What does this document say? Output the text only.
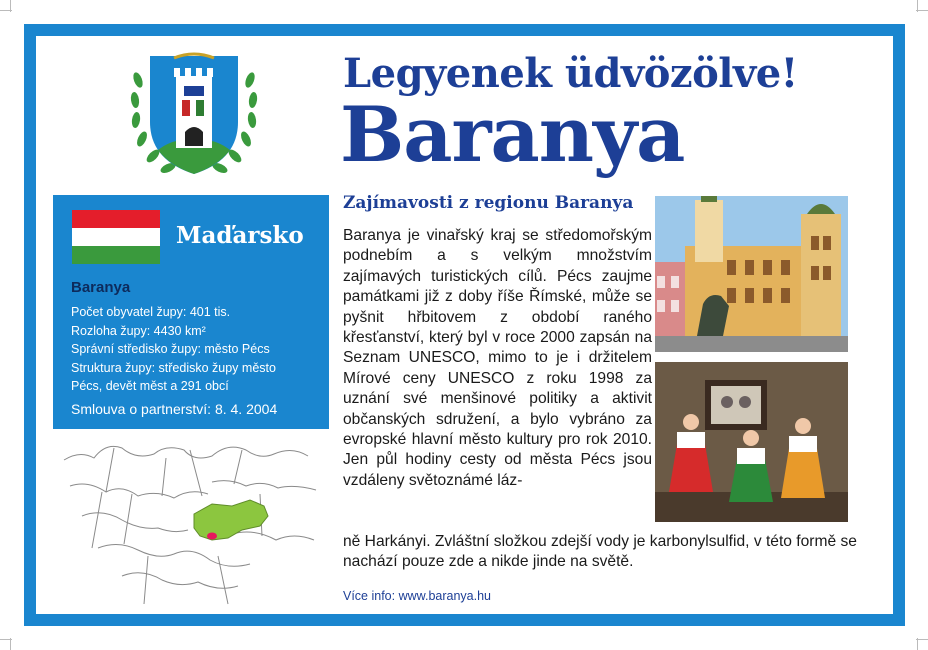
Legyenek üdvözölve!
Baranya
Maďarsko
Baranya
Počet obyvatel župy: 401 tis.
Rozloha župy: 4430 km²
Správní středisko župy: město Pécs
Struktura župy: středisko župy město
Pécs, devět měst a 291 obcí
Smlouva o partnerství: 8. 4. 2004
Zajímavosti z regionu Baranya
Baranya je vinařský kraj se středomořským podnebím a s velkým množstvím zajímavých turistických cílů. Pécs zaujme památkami již z doby říše Římské, může se pyšnit hřbitovem z období raného křesťanství, který byl v roce 2000 zapsán na Seznam UNESCO, mimo to je i držitelem Mírové ceny UNESCO z roku 1998 za uznání své menšinové politiky a aktivit občanských sdružení, a bylo vybráno za evropské hlavní město kultury pro rok 2010. Jen půl hodiny cesty od města Pécs jsou vzdáleny světoznámé láz-
ně Harkányi. Zvláštní složkou zdejší vody je karbonylsulfid, v této formě se nachází pouze zde a nikde jinde na světě.
Více info: www.baranya.hu
